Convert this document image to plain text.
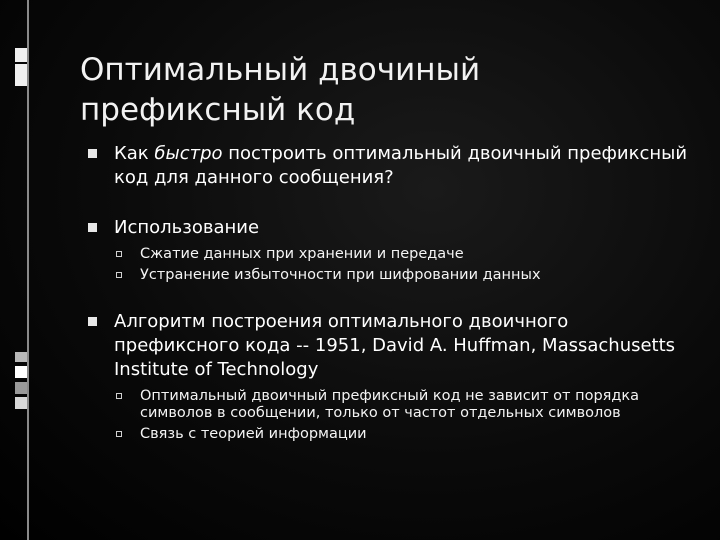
Оптимальный двочиный
префиксный код
Как быстро построить оптимальный двоичный префиксный код для данного сообщения?
Использование
Сжатие данных при хранении и передаче
Устранение избыточности при шифровании данных
Алгоритм построения оптимального двоичного префиксного кода -- 1951, David A. Huffman, Massachusetts Institute of Technology
Оптимальный двоичный префиксный код не зависит от порядка символов в сообщении, только от частот отдельных символов
Связь с теорией информации
